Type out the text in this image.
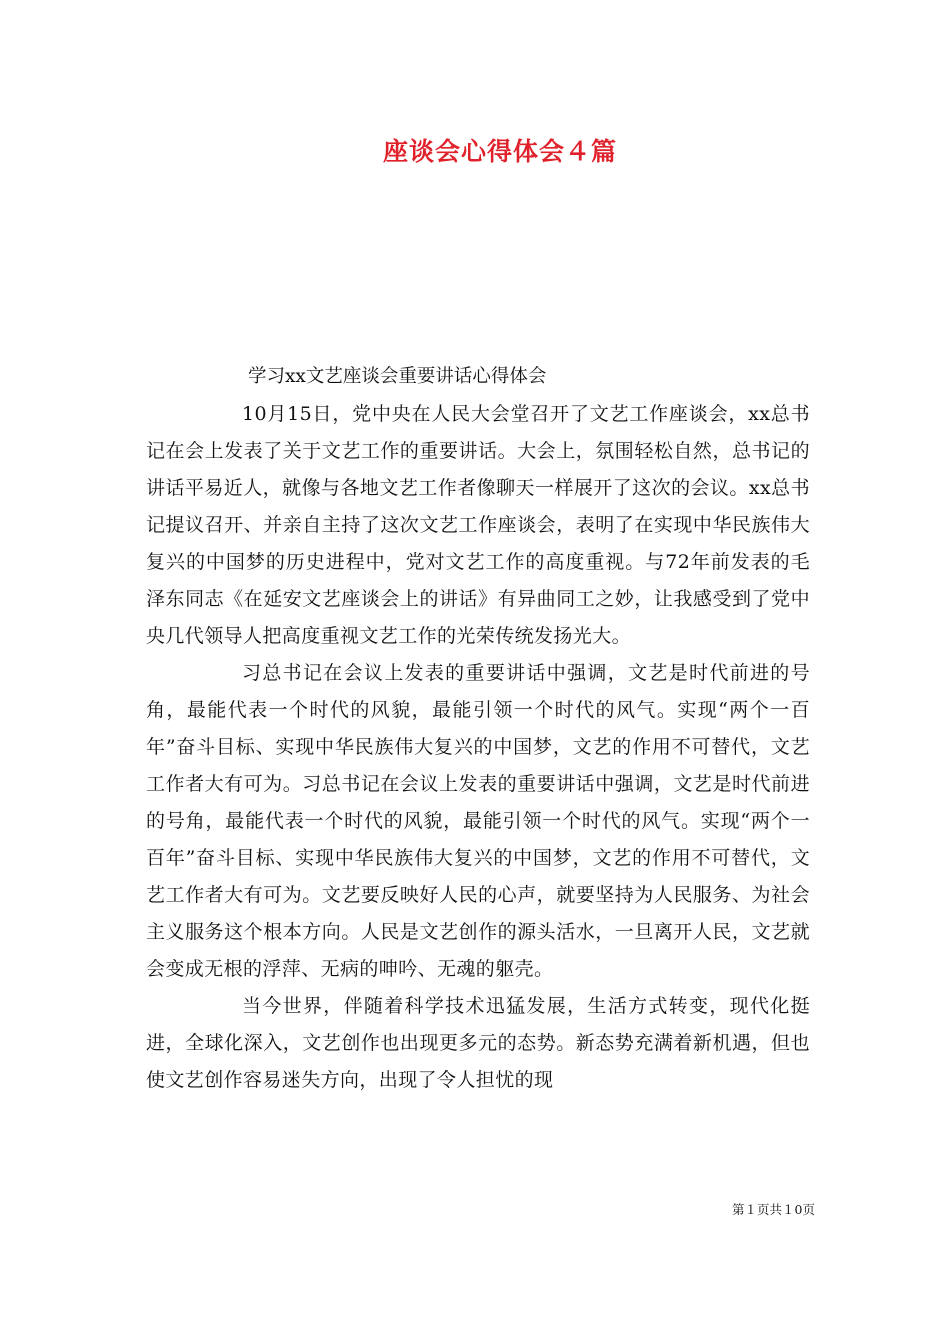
座谈会心得体会４篇

学习xx文艺座谈会重要讲话心得体会

10月15日，党中央在人民大会堂召开了文艺工作座谈会，xx总书记在会上发表了关于文艺工作的重要讲话。大会上，氛围轻松自然，总书记的讲话平易近人，就像与各地文艺工作者像聊天一样展开了这次的会议。xx总书记提议召开、并亲自主持了这次文艺工作座谈会，表明了在实现中华民族伟大复兴的中国梦的历史进程中，党对文艺工作的高度重视。与72年前发表的毛泽东同志《在延安文艺座谈会上的讲话》有异曲同工之妙，让我感受到了党中央几代领导人把高度重视文艺工作的光荣传统发扬光大。

习总书记在会议上发表的重要讲话中强调，文艺是时代前进的号角，最能代表一个时代的风貌，最能引领一个时代的风气。实现“两个一百年”奋斗目标、实现中华民族伟大复兴的中国梦，文艺的作用不可替代，文艺工作者大有可为。习总书记在会议上发表的重要讲话中强调，文艺是时代前进的号角，最能代表一个时代的风貌，最能引领一个时代的风气。实现“两个一百年”奋斗目标、实现中华民族伟大复兴的中国梦，文艺的作用不可替代，文艺工作者大有可为。文艺要反映好人民的心声，就要坚持为人民服务、为社会主义服务这个根本方向。人民是文艺创作的源头活水，一旦离开人民，文艺就会变成无根的浮萍、无病的呻吟、无魂的躯壳。

当今世界，伴随着科学技术迅猛发展，生活方式转变，现代化挺进，全球化深入，文艺创作也出现更多元的态势。新态势充满着新机遇，但也使文艺创作容易迷失方向，出现了令人担忧的现

第１页共１0页
